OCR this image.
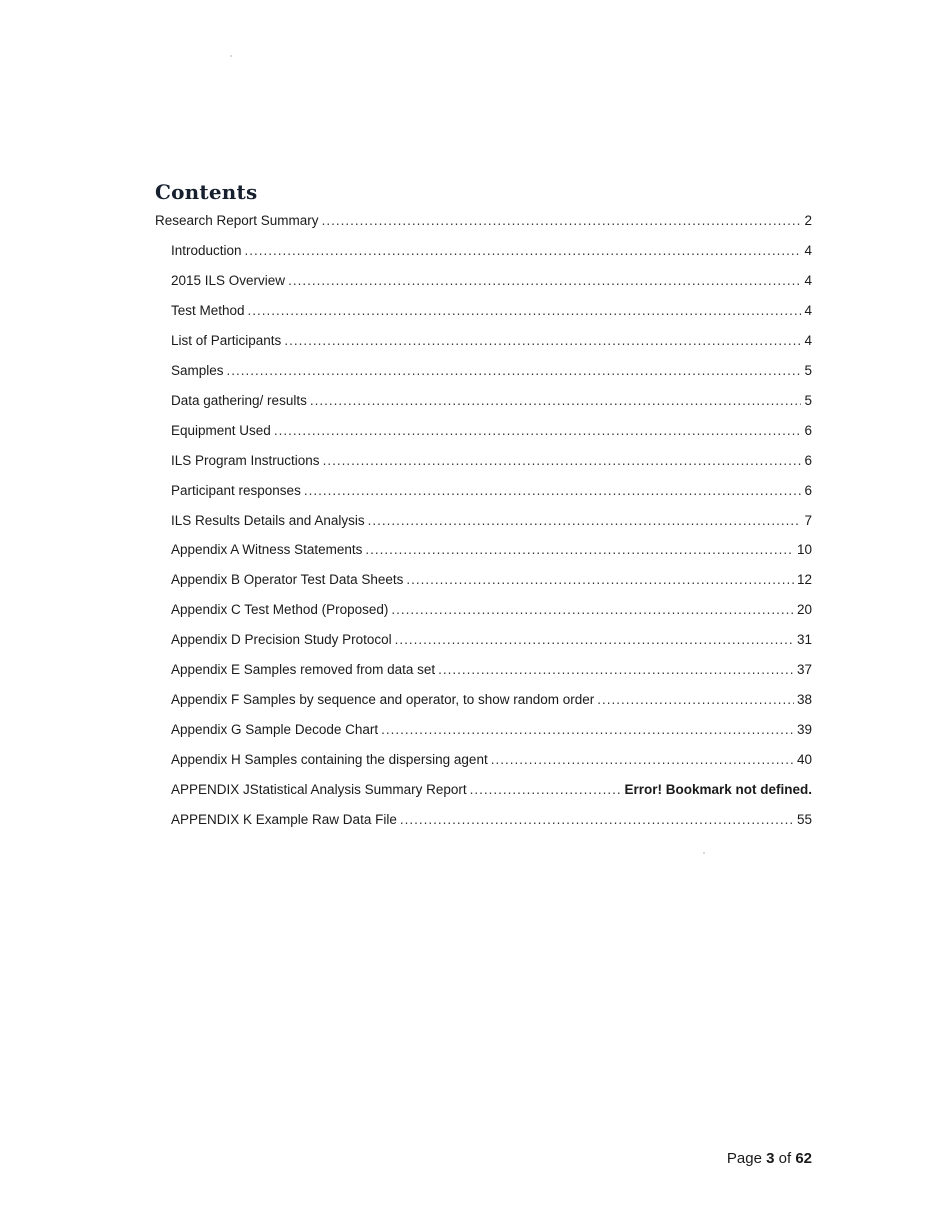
Contents
Research Report Summary .....	2
Introduction .....	4
2015 ILS Overview .....	4
Test Method .....	4
List of Participants .....	4
Samples .....	5
Data gathering/ results .....	5
Equipment Used .....	6
ILS Program Instructions .....	6
Participant responses .....	6
ILS Results Details and Analysis .....	7
Appendix A Witness Statements .....	10
Appendix B Operator Test Data Sheets .....	12
Appendix C Test Method (Proposed) .....	20
Appendix D Precision Study Protocol .....	31
Appendix E Samples removed from data set .....	37
Appendix F Samples by sequence and operator, to show random order .....	38
Appendix G Sample Decode Chart .....	39
Appendix H Samples containing the dispersing agent .....	40
APPENDIX JStatistical Analysis Summary Report .....	Error! Bookmark not defined.
APPENDIX K Example Raw Data File .....	55
Page 3 of 62
